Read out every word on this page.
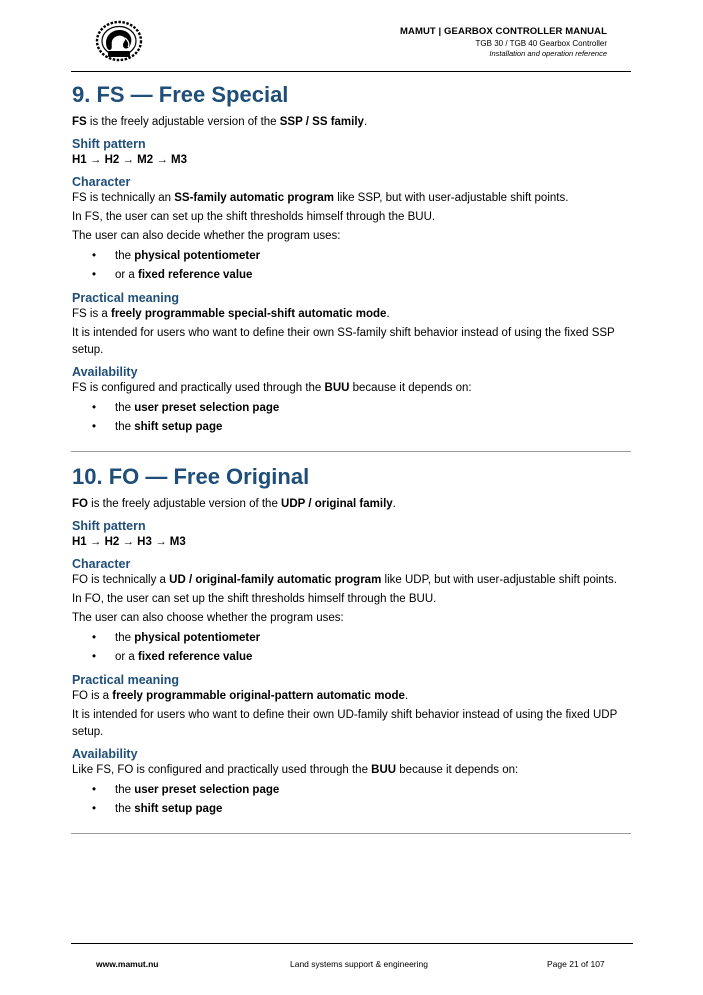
MAMUT | GEARBOX CONTROLLER MANUAL
TGB 30 / TGB 40 Gearbox Controller
Installation and operation reference
9. FS — Free Special

FS is the freely adjustable version of the SSP / SS family.

Shift pattern

H1 → H2 → M2 → M3

Character

FS is technically an SS-family automatic program like SSP, but with user-adjustable shift points.

In FS, the user can set up the shift thresholds himself through the BUU.

The user can also decide whether the program uses:

• the physical potentiometer
• or a fixed reference value
Practical meaning

FS is a freely programmable special-shift automatic mode.

It is intended for users who want to define their own SS-family shift behavior instead of using the fixed SSP setup.

Availability

FS is configured and practically used through the BUU because it depends on:

• the user preset selection page
• the shift setup page
10. FO — Free Original

FO is the freely adjustable version of the UDP / original family.

Shift pattern

H1 → H2 → H3 → M3

Character

FO is technically a UD / original-family automatic program like UDP, but with user-adjustable shift points.

In FO, the user can set up the shift thresholds himself through the BUU.

The user can also choose whether the program uses:

• the physical potentiometer
• or a fixed reference value
Practical meaning

FO is a freely programmable original-pattern automatic mode.

It is intended for users who want to define their own UD-family shift behavior instead of using the fixed UDP setup.

Availability

Like FS, FO is configured and practically used through the BUU because it depends on:

• the user preset selection page
• the shift setup page
www.mamut.nu	Land systems support & engineering	Page 21 of 107
